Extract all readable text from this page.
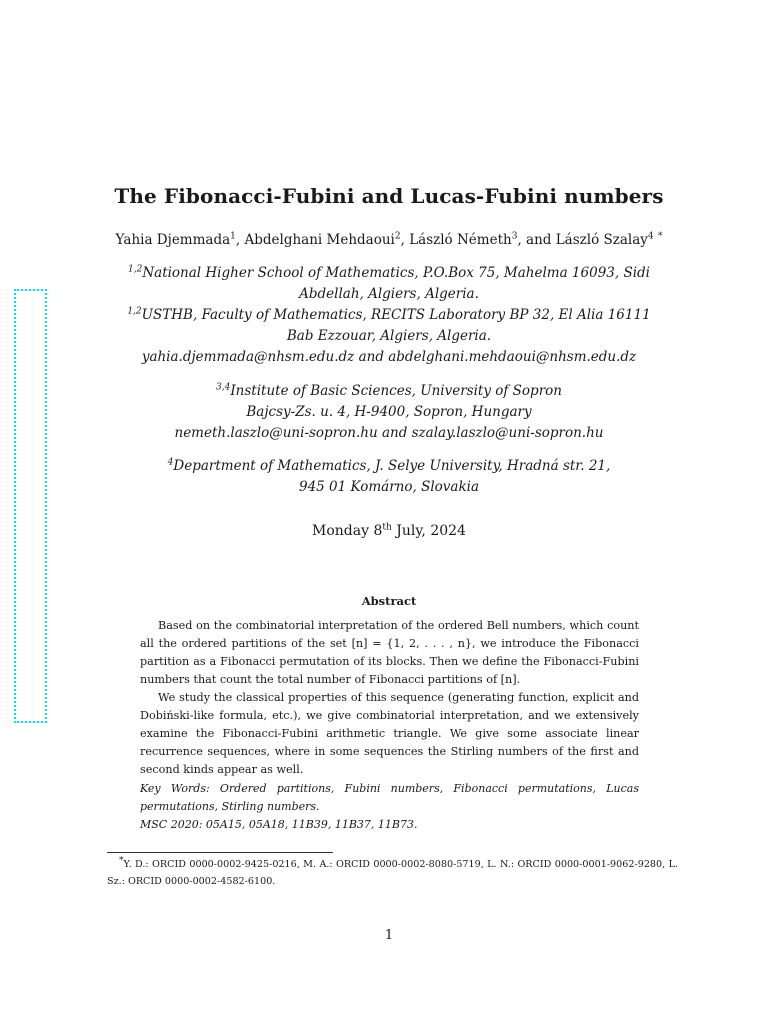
The Fibonacci-Fubini and Lucas-Fubini numbers
Yahia Djemmada$^1$, Abdelghani Mehdaoui$^2$, László Németh$^3$, and László Szalay$^4$ *
$^{1,2}$National Higher School of Mathematics, P.O.Box 75, Mahelma 16093, Sidi
Abdellah, Algiers, Algeria.
$^{1,2}$USTHB, Faculty of Mathematics, RECITS Laboratory BP 32, El Alia 16111
Bab Ezzouar, Algiers, Algeria.
yahia.djemmada@nhsm.edu.dz and abdelghani.mehdaoui@nhsm.edu.dz
$^{3,4}$Institute of Basic Sciences, University of Sopron
Bajcsy-Zs. u. 4, H-9400, Sopron, Hungary
nemeth.laszlo@uni-sopron.hu and szalay.laszlo@uni-sopron.hu
$^4$Department of Mathematics, J. Selye University, Hradná str. 21,
945 01 Komárno, Slovakia
Monday 8th July, 2024
Abstract

Based on the combinatorial interpretation of the ordered Bell numbers, which count all the ordered partitions of the set [n] = {1, 2, . . . , n}, we introduce the Fibonacci partition as a Fibonacci permutation of its blocks. Then we define the Fibonacci-Fubini numbers that count the total number of Fibonacci partitions of [n].

We study the classical properties of this sequence (generating function, explicit and Dobiński-like formula, etc.), we give combinatorial interpretation, and we extensively examine the Fibonacci-Fubini arithmetic triangle. We give some associate linear recurrence sequences, where in some sequences the Stirling numbers of the first and second kinds appear as well.

Key Words: Ordered partitions, Fubini numbers, Fibonacci permutations, Lucas permutations, Stirling numbers.
MSC 2020: 05A15, 05A18, 11B39, 11B37, 11B73.
*Y. D.: ORCID 0000-0002-9425-0216, M. A.: ORCID 0000-0002-8080-5719, L. N.: ORCID 0000-0001-9062-9280, L. Sz.: ORCID 0000-0002-4582-6100.
1
